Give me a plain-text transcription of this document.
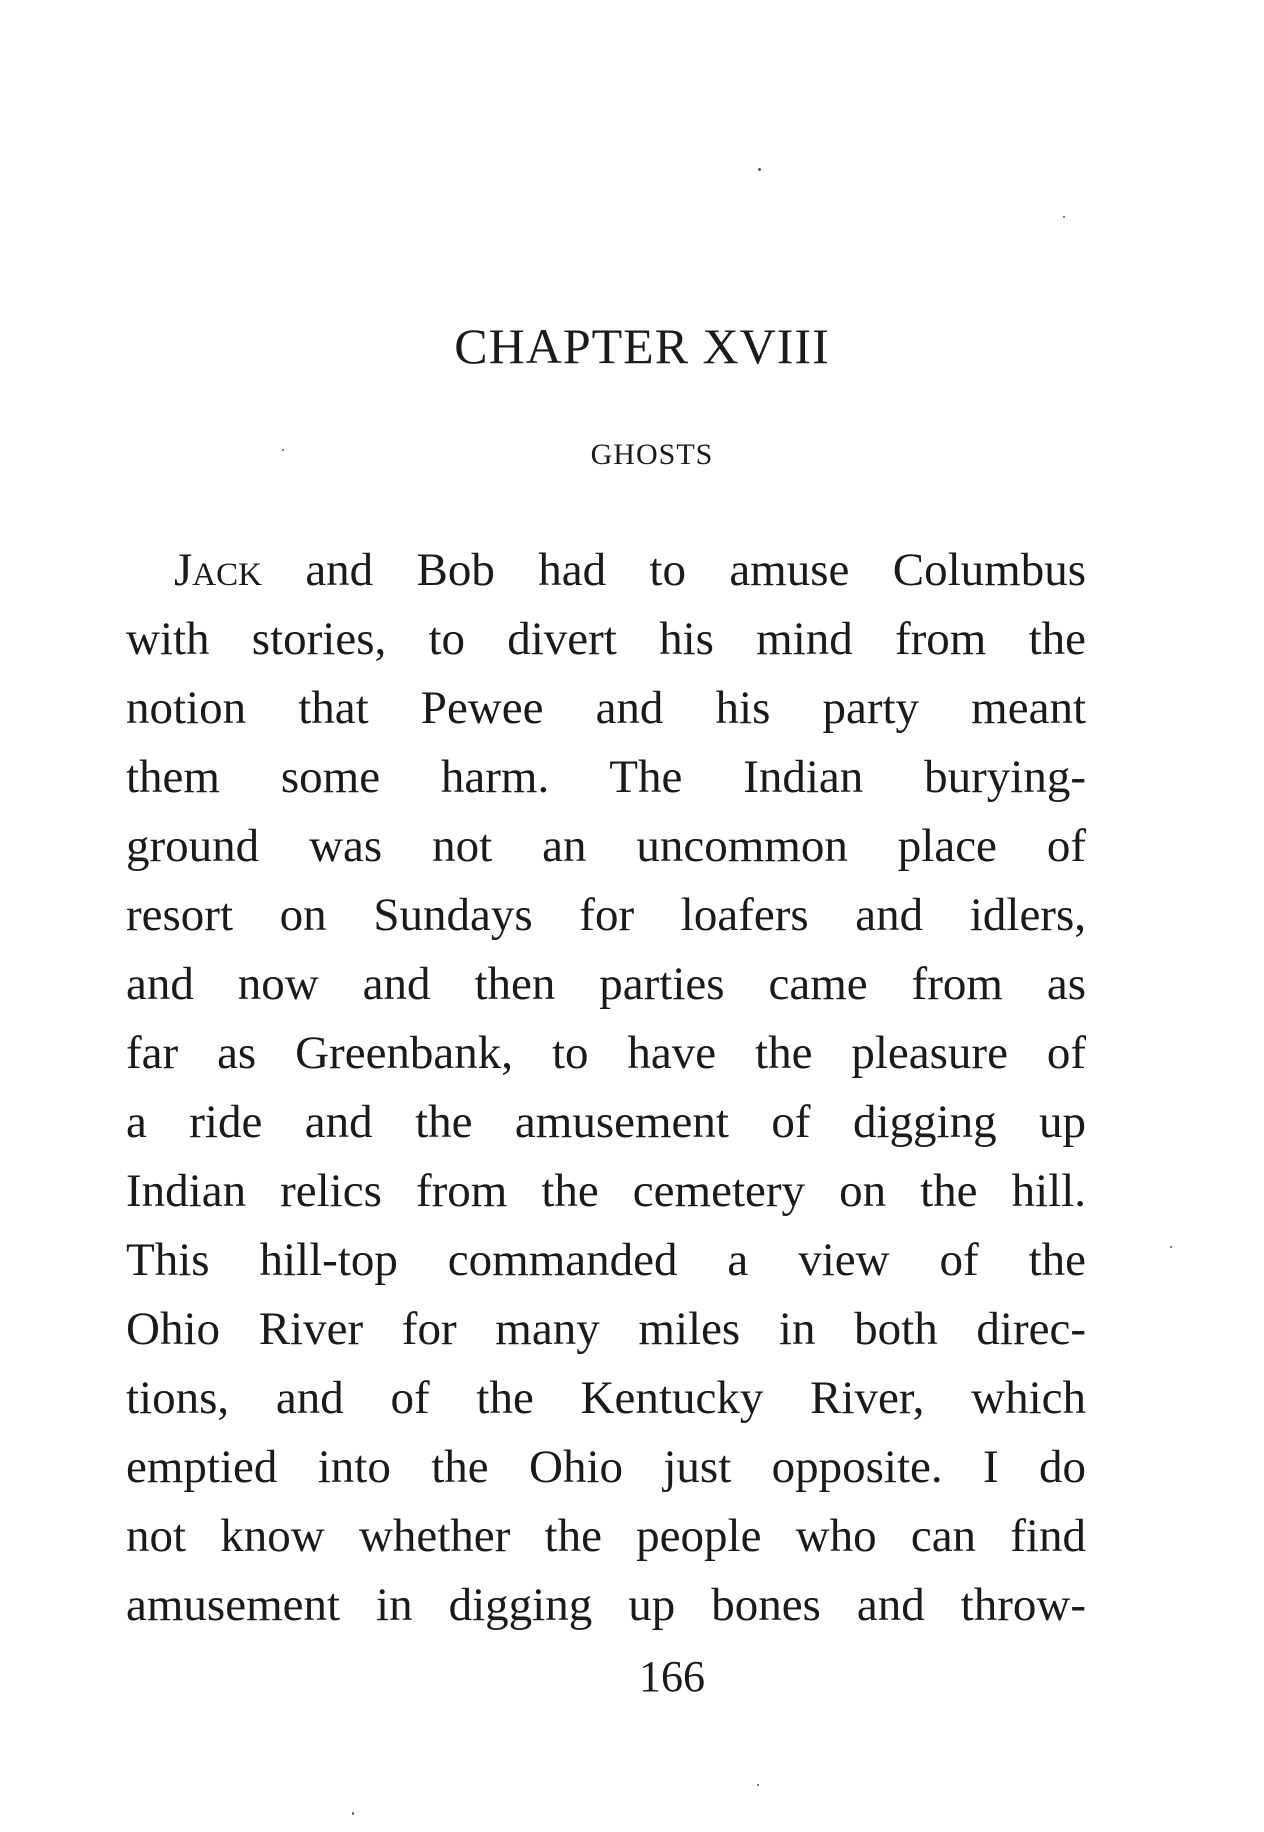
CHAPTER XVIII
GHOSTS
Jack and Bob had to amuse Columbus
with stories, to divert his mind from the
notion that Pewee and his party meant
them some harm. The Indian burying-
ground was not an uncommon place of
resort on Sundays for loafers and idlers,
and now and then parties came from as
far as Greenbank, to have the pleasure of
a ride and the amusement of digging up
Indian relics from the cemetery on the hill.
This hill-top commanded a view of the
Ohio River for many miles in both direc-
tions, and of the Kentucky River, which
emptied into the Ohio just opposite. I do
not know whether the people who can find
amusement in digging up bones and throw-
166
